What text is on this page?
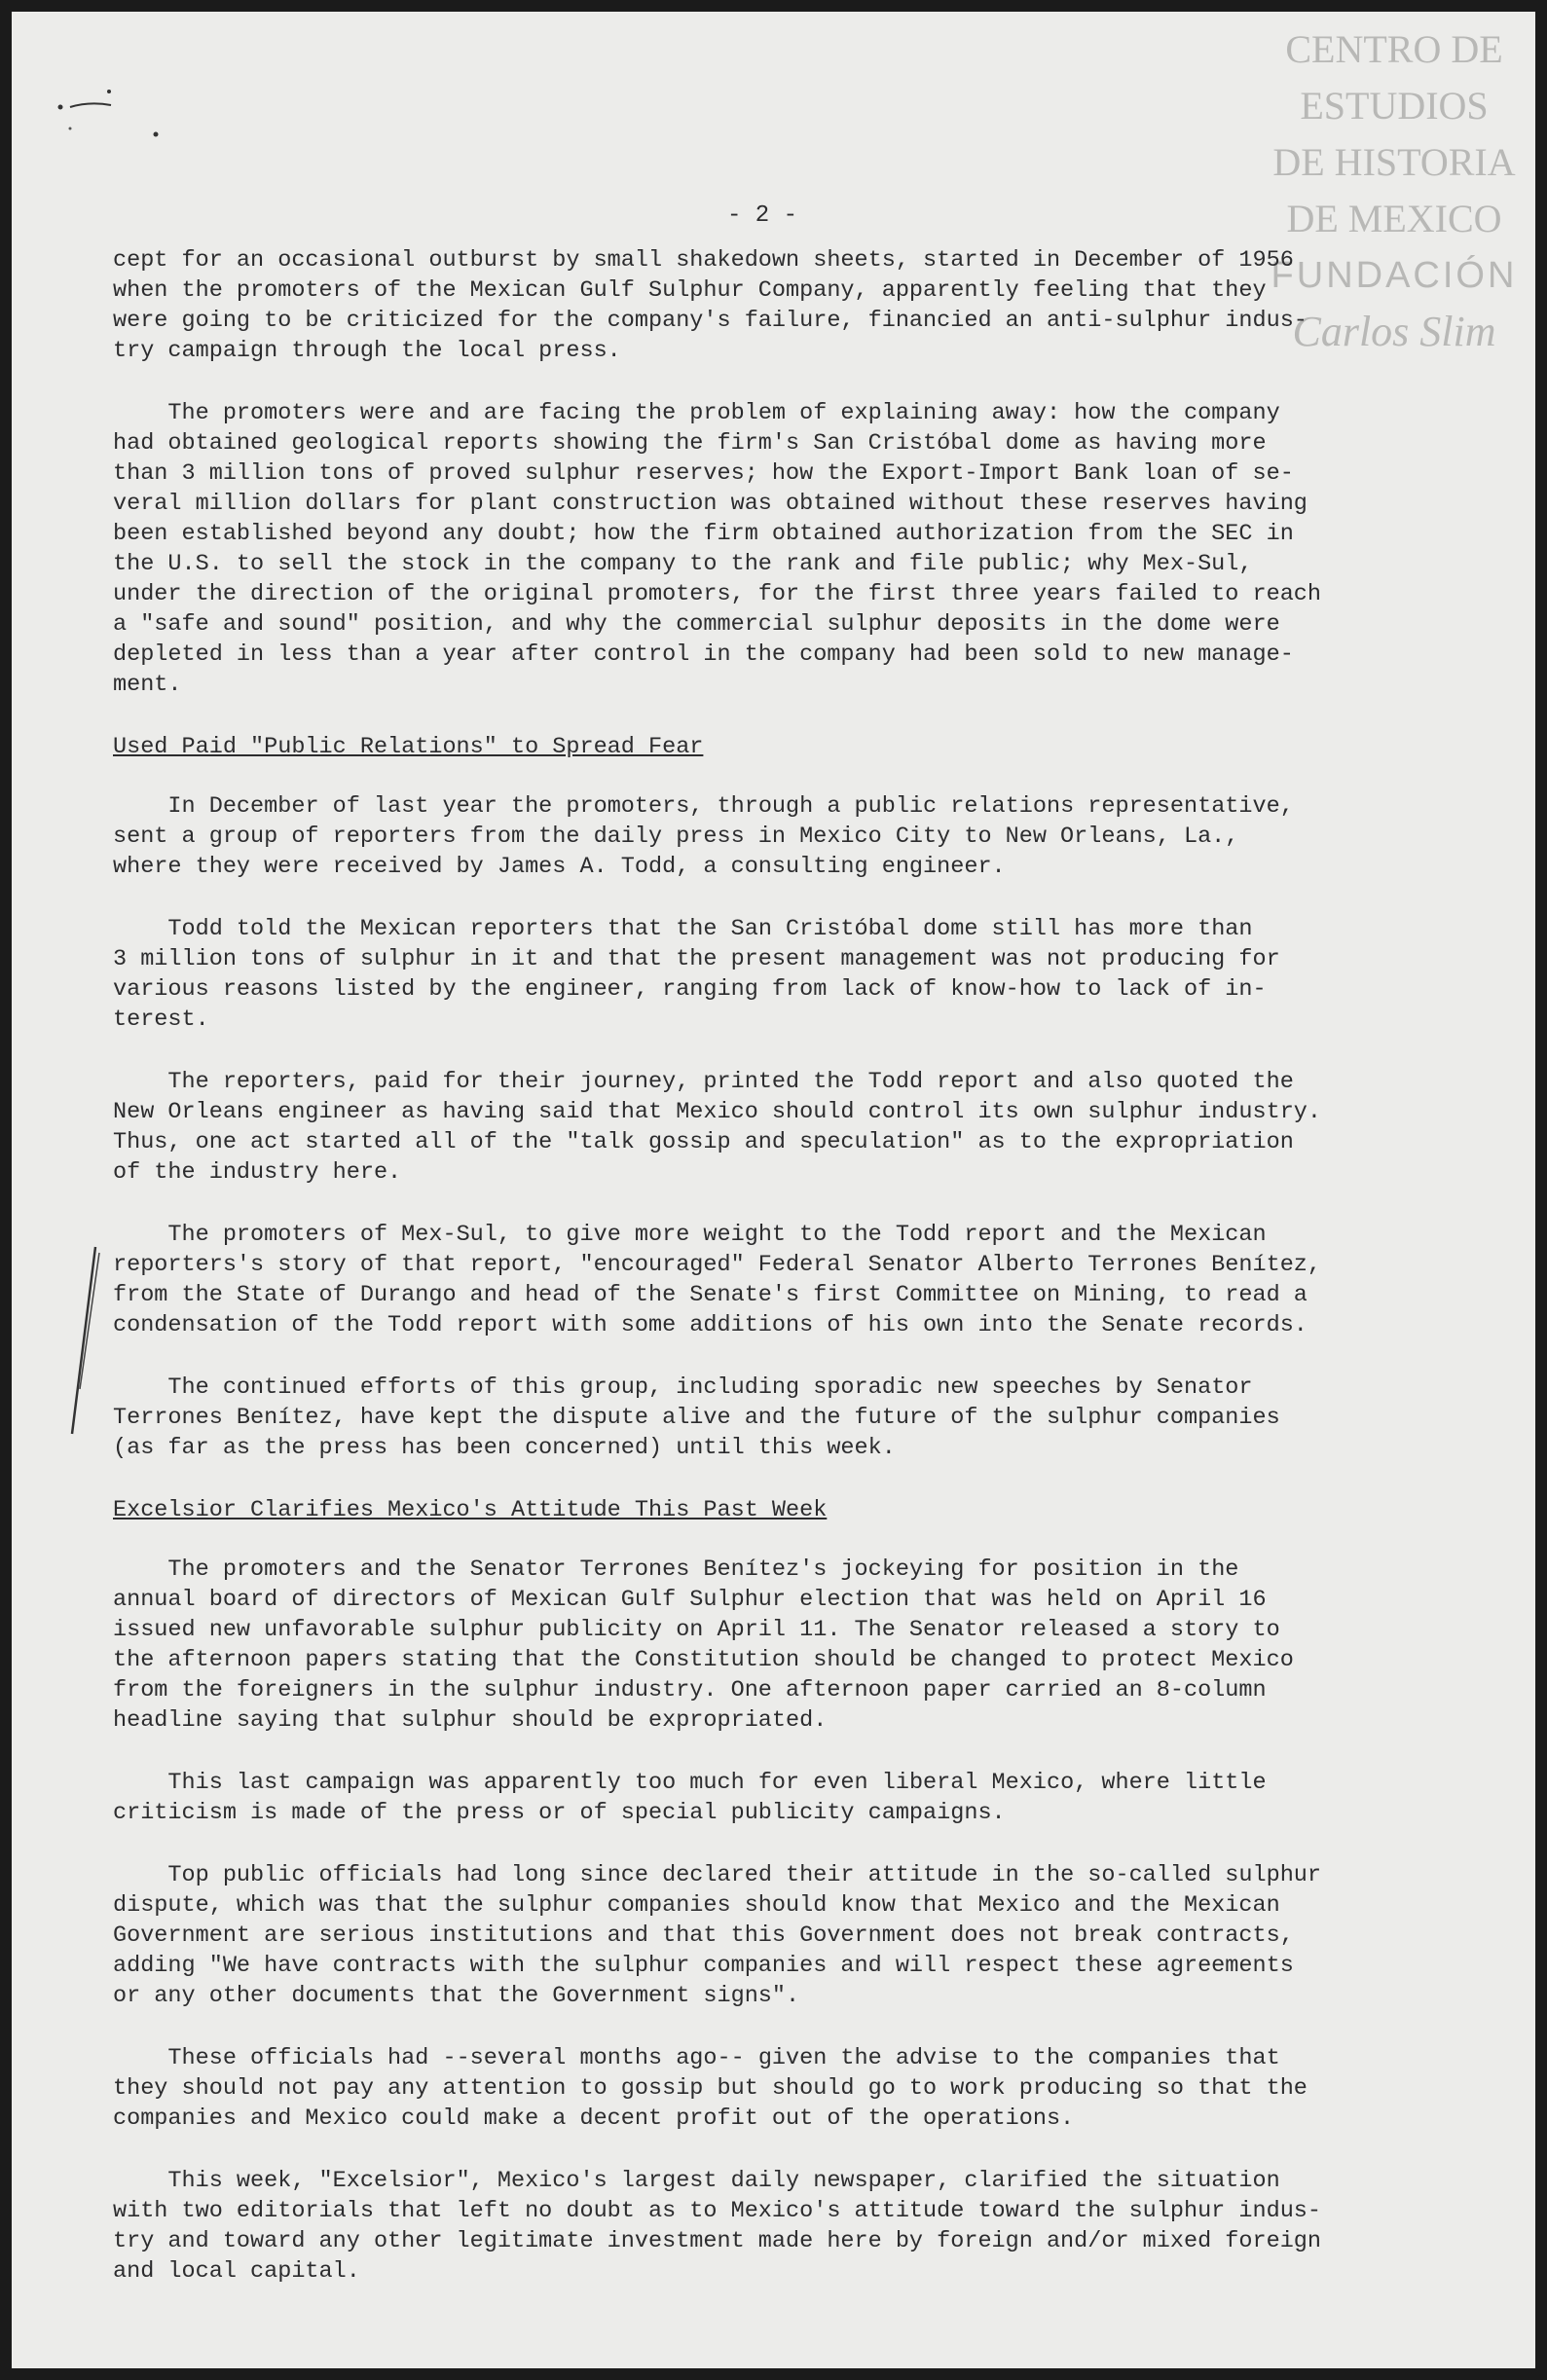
CENTRO DE
ESTUDIOS
DE HISTORIA
DE MEXICO
FUNDACIÓN
Carlos Slim
- 2 -

cept for an occasional outburst by small shakedown sheets, started in December of 1956
when the promoters of the Mexican Gulf Sulphur Company, apparently feeling that they
were going to be criticized for the company's failure, financied an anti-sulphur indus-
try campaign through the local press.

The promoters were and are facing the problem of explaining away: how the company
had obtained geological reports showing the firm's San Cristóbal dome as having more
than 3 million tons of proved sulphur reserves; how the Export-Import Bank loan of se-
veral million dollars for plant construction was obtained without these reserves having
been established beyond any doubt; how the firm obtained authorization from the SEC in
the U.S. to sell the stock in the company to the rank and file public; why Mex-Sul,
under the direction of the original promoters, for the first three years failed to reach
a "safe and sound" position, and why the commercial sulphur deposits in the dome were
depleted in less than a year after control in the company had been sold to new manage-
ment.

Used Paid "Public Relations" to Spread Fear

In December of last year the promoters, through a public relations representative,
sent a group of reporters from the daily press in Mexico City to New Orleans, La.,
where they were received by James A. Todd, a consulting engineer.

Todd told the Mexican reporters that the San Cristóbal dome still has more than
3 million tons of sulphur in it and that the present management was not producing for
various reasons listed by the engineer, ranging from lack of know-how to lack of in-
terest.

The reporters, paid for their journey, printed the Todd report and also quoted the
New Orleans engineer as having said that Mexico should control its own sulphur industry.
Thus, one act started all of the "talk gossip and speculation" as to the expropriation
of the industry here.

The promoters of Mex-Sul, to give more weight to the Todd report and the Mexican
reporters's story of that report, "encouraged" Federal Senator Alberto Terrones Benítez,
from the State of Durango and head of the Senate's first Committee on Mining, to read a
condensation of the Todd report with some additions of his own into the Senate records.

The continued efforts of this group, including sporadic new speeches by Senator
Terrones Benítez, have kept the dispute alive and the future of the sulphur companies
(as far as the press has been concerned) until this week.

Excelsior Clarifies Mexico's Attitude This Past Week

The promoters and the Senator Terrones Benítez's jockeying for position in the
annual board of directors of Mexican Gulf Sulphur election that was held on April 16
issued new unfavorable sulphur publicity on April 11. The Senator released a story to
the afternoon papers stating that the Constitution should be changed to protect Mexico
from the foreigners in the sulphur industry. One afternoon paper carried an 8-column
headline saying that sulphur should be expropriated.

This last campaign was apparently too much for even liberal Mexico, where little
criticism is made of the press or of special publicity campaigns.

Top public officials had long since declared their attitude in the so-called sulphur
dispute, which was that the sulphur companies should know that Mexico and the Mexican
Government are serious institutions and that this Government does not break contracts,
adding "We have contracts with the sulphur companies and will respect these agreements
or any other documents that the Government signs".

These officials had --several months ago-- given the advise to the companies that
they should not pay any attention to gossip but should go to work producing so that the
companies and Mexico could make a decent profit out of the operations.

This week, "Excelsior", Mexico's largest daily newspaper, clarified the situation
with two editorials that left no doubt as to Mexico's attitude toward the sulphur indus-
try and toward any other legitimate investment made here by foreign and/or mixed foreign
and local capital.
